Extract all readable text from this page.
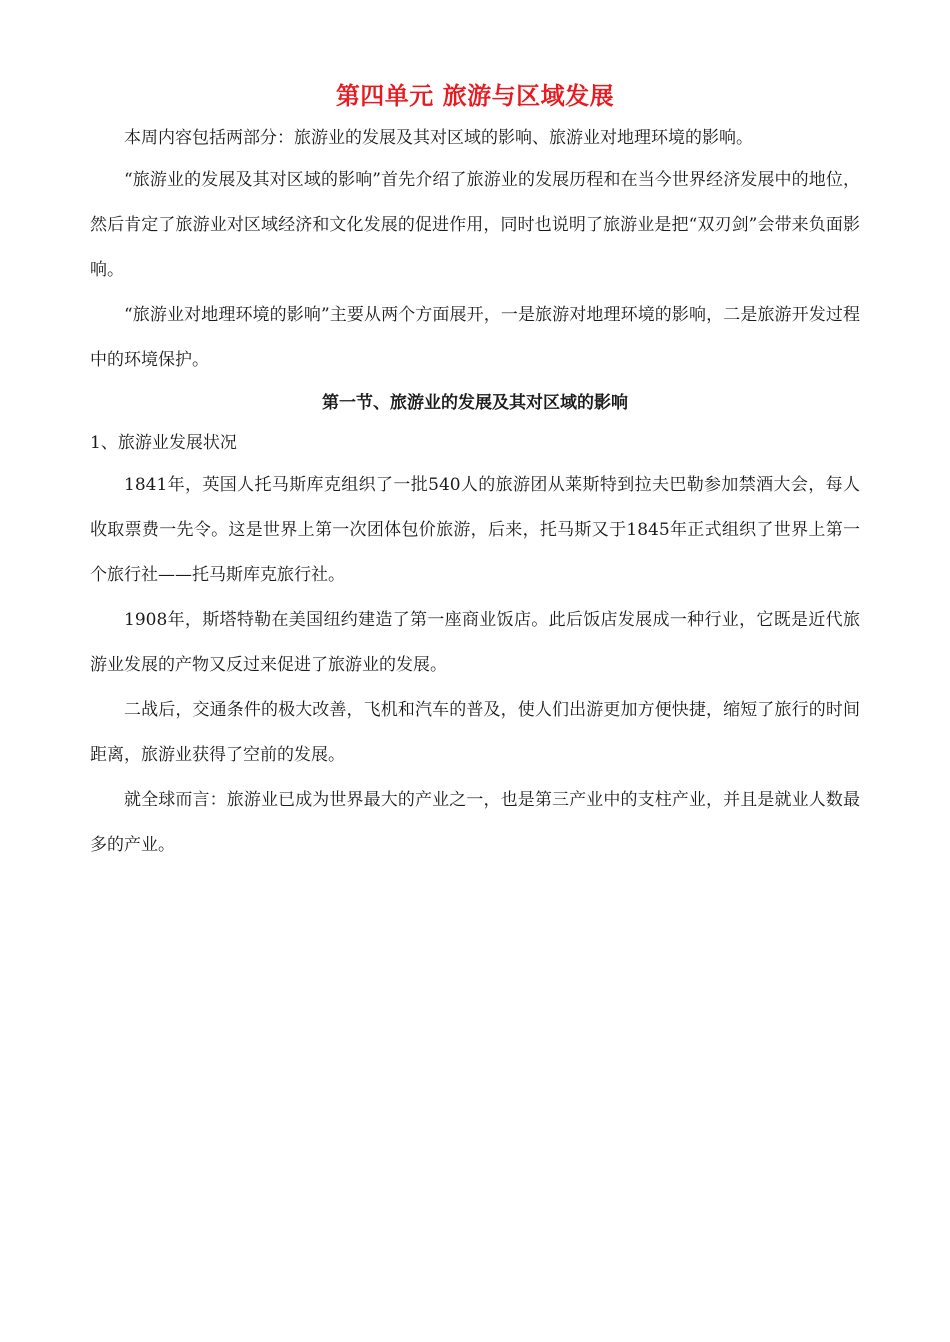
第四单元 旅游与区域发展

本周内容包括两部分：旅游业的发展及其对区域的影响、旅游业对地理环境的影响。

“旅游业的发展及其对区域的影响”首先介绍了旅游业的发展历程和在当今世界经济发展中的地位，然后肯定了旅游业对区域经济和文化发展的促进作用，同时也说明了旅游业是把“双刃剑”会带来负面影响。

“旅游业对地理环境的影响”主要从两个方面展开，一是旅游对地理环境的影响，二是旅游开发过程中的环境保护。

第一节、旅游业的发展及其对区域的影响

1、旅游业发展状况

1841年，英国人托马斯库克组织了一批540人的旅游团从莱斯特到拉夫巴勒参加禁酒大会，每人收取票费一先令。这是世界上第一次团体包价旅游，后来，托马斯又于1845年正式组织了世界上第一个旅行社——托马斯库克旅行社。

1908年，斯塔特勒在美国纽约建造了第一座商业饭店。此后饭店发展成一种行业，它既是近代旅游业发展的产物又反过来促进了旅游业的发展。

二战后，交通条件的极大改善，飞机和汽车的普及，使人们出游更加方便快捷，缩短了旅行的时间距离，旅游业获得了空前的发展。

就全球而言：旅游业已成为世界最大的产业之一，也是第三产业中的支柱产业，并且是就业人数最多的产业。
